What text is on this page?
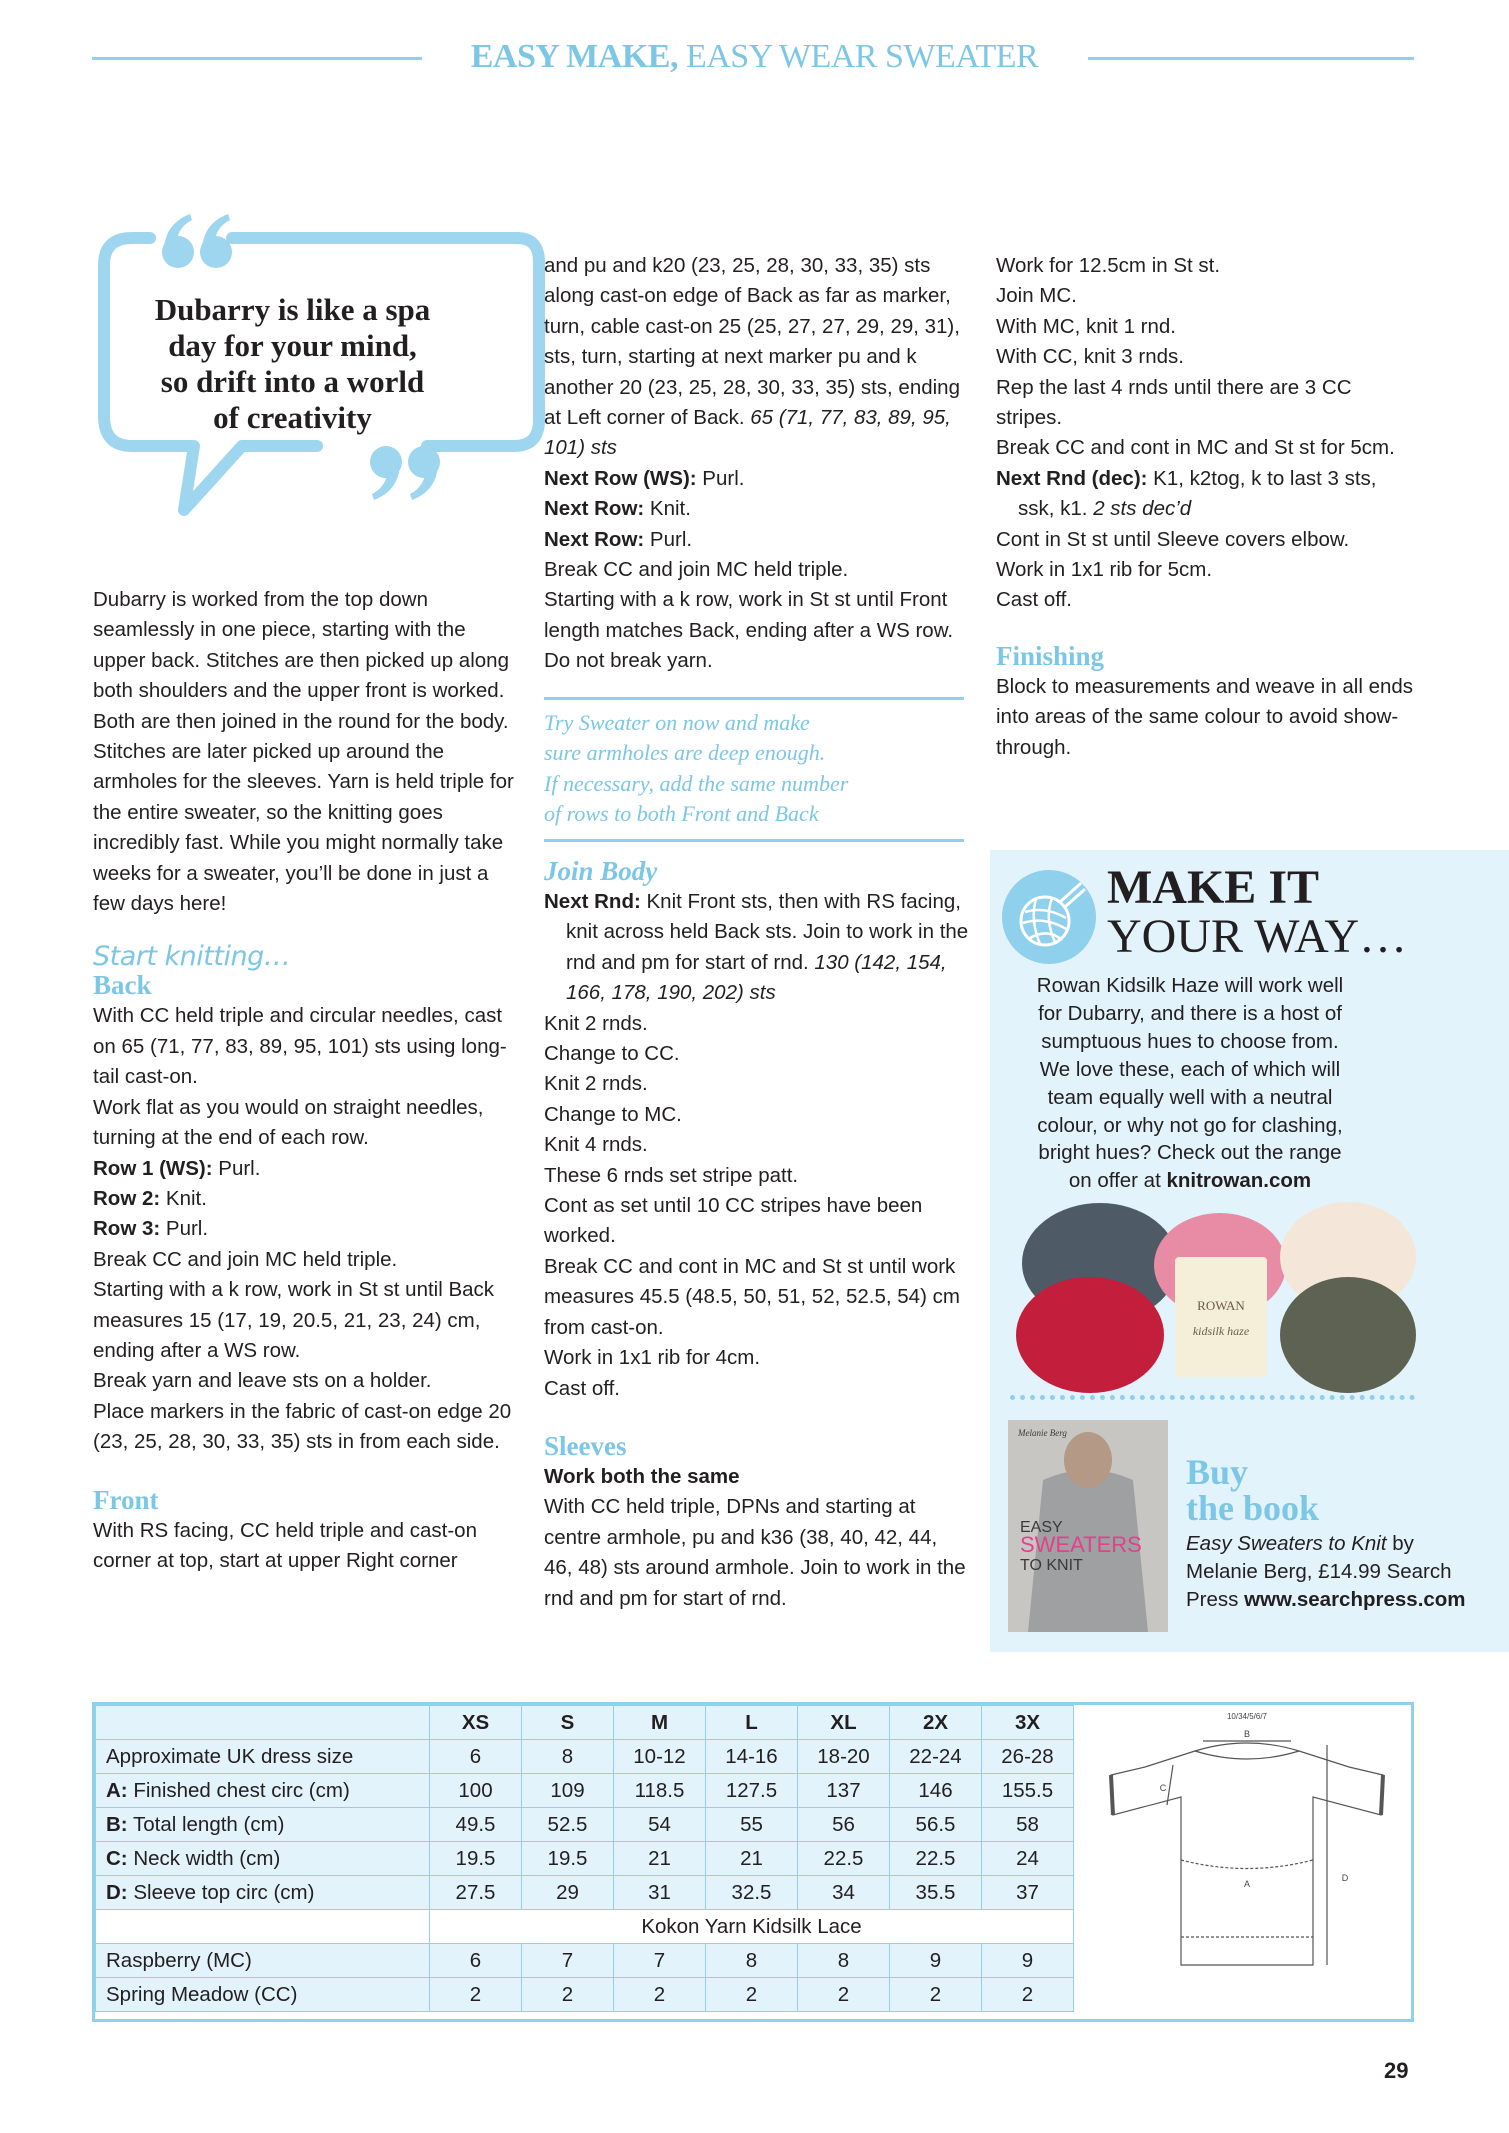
EASY MAKE, EASY WEAR SWEATER
Dubarry is like a spa
day for your mind,
so drift into a world
of creativity

Dubarry is worked from the top down seamlessly in one piece, starting with the upper back. Stitches are then picked up along both shoulders and the upper front is worked. Both are then joined in the round for the body. Stitches are later picked up around the armholes for the sleeves. Yarn is held triple for the entire sweater, so the knitting goes incredibly fast. While you might normally take weeks for a sweater, you’ll be done in just a few days here!

Start knitting…

Back

With CC held triple and circular needles, cast on 65 (71, 77, 83, 89, 95, 101) sts using long-tail cast-on.

Work flat as you would on straight needles, turning at the end of each row.

Row 1 (WS): Purl.

Row 2: Knit.

Row 3: Purl.

Break CC and join MC held triple.

Starting with a k row, work in St st until Back measures 15 (17, 19, 20.5, 21, 23, 24) cm, ending after a WS row.

Break yarn and leave sts on a holder.

Place markers in the fabric of cast-on edge 20 (23, 25, 28, 30, 33, 35) sts in from each side.

Front

With RS facing, CC held triple and cast-on corner at top, start at upper Right corner

and pu and k20 (23, 25, 28, 30, 33, 35) sts along cast-on edge of Back as far as marker, turn, cable cast-on 25 (25, 27, 27, 29, 29, 31), sts, turn, starting at next marker pu and k another 20 (23, 25, 28, 30, 33, 35) sts, ending at Left corner of Back. 65 (71, 77, 83, 89, 95, 101) sts

Next Row (WS): Purl.

Next Row: Knit.

Next Row: Purl.

Break CC and join MC held triple.

Starting with a k row, work in St st until Front length matches Back, ending after a WS row. Do not break yarn.

Try Sweater on now and make
sure armholes are deep enough.
If necessary, add the same number
of rows to both Front and Back

Join Body

Next Rnd: Knit Front sts, then with RS facing, knit across held Back sts. Join to work in the rnd and pm for start of rnd. 130 (142, 154, 166, 178, 190, 202) sts

Knit 2 rnds.

Change to CC.

Knit 2 rnds.

Change to MC.

Knit 4 rnds.

These 6 rnds set stripe patt.

Cont as set until 10 CC stripes have been worked.

Break CC and cont in MC and St st until work measures 45.5 (48.5, 50, 51, 52, 52.5, 54) cm from cast-on.

Work in 1x1 rib for 4cm.

Cast off.

Sleeves

Work both the same

With CC held triple, DPNs and starting at centre armhole, pu and k36 (38, 40, 42, 44, 46, 48) sts around armhole. Join to work in the rnd and pm for start of rnd.

Work for 12.5cm in St st.

Join MC.

With MC, knit 1 rnd.

With CC, knit 3 rnds.

Rep the last 4 rnds until there are 3 CC stripes.

Break CC and cont in MC and St st for 5cm.

Next Rnd (dec): K1, k2tog, k to last 3 sts, ssk, k1. 2 sts dec’d

Cont in St st until Sleeve covers elbow.

Work in 1x1 rib for 5cm.

Cast off.

Finishing

Block to measurements and weave in all ends into areas of the same colour to avoid show-through.

MAKE IT
YOUR WAY…
Rowan Kidsilk Haze will work well for Dubarry, and there is a host of sumptuous hues to choose from. We love these, each of which will team equally well with a neutral colour, or why not go for clashing, bright hues? Check out the range on offer at knitrowan.com
ROWAN
kidsilk haze
Melanie Berg
EASY
SWEATERS
TO KNIT
Buy
the book
Easy Sweaters to Knit by Melanie Berg, £14.99 Search Press www.searchpress.com
	XS	S	M	L	XL	2X	3X
Approximate UK dress size	6	8	10-12	14-16	18-20	22-24	26-28
A: Finished chest circ (cm)	100	109	118.5	127.5	137	146	155.5
B: Total length (cm)	49.5	52.5	54	55	56	56.5	58
C: Neck width (cm)	19.5	19.5	21	21	22.5	22.5	24
D: Sleeve top circ (cm)	27.5	29	31	32.5	34	35.5	37
	Kokon Yarn Kidsilk Lace						
Raspberry (MC)	6	7	7	8	8	9	9
Spring Meadow (CC)	2	2	2	2	2	2	2
10/34/5/6/7
B
C
A
D
29
